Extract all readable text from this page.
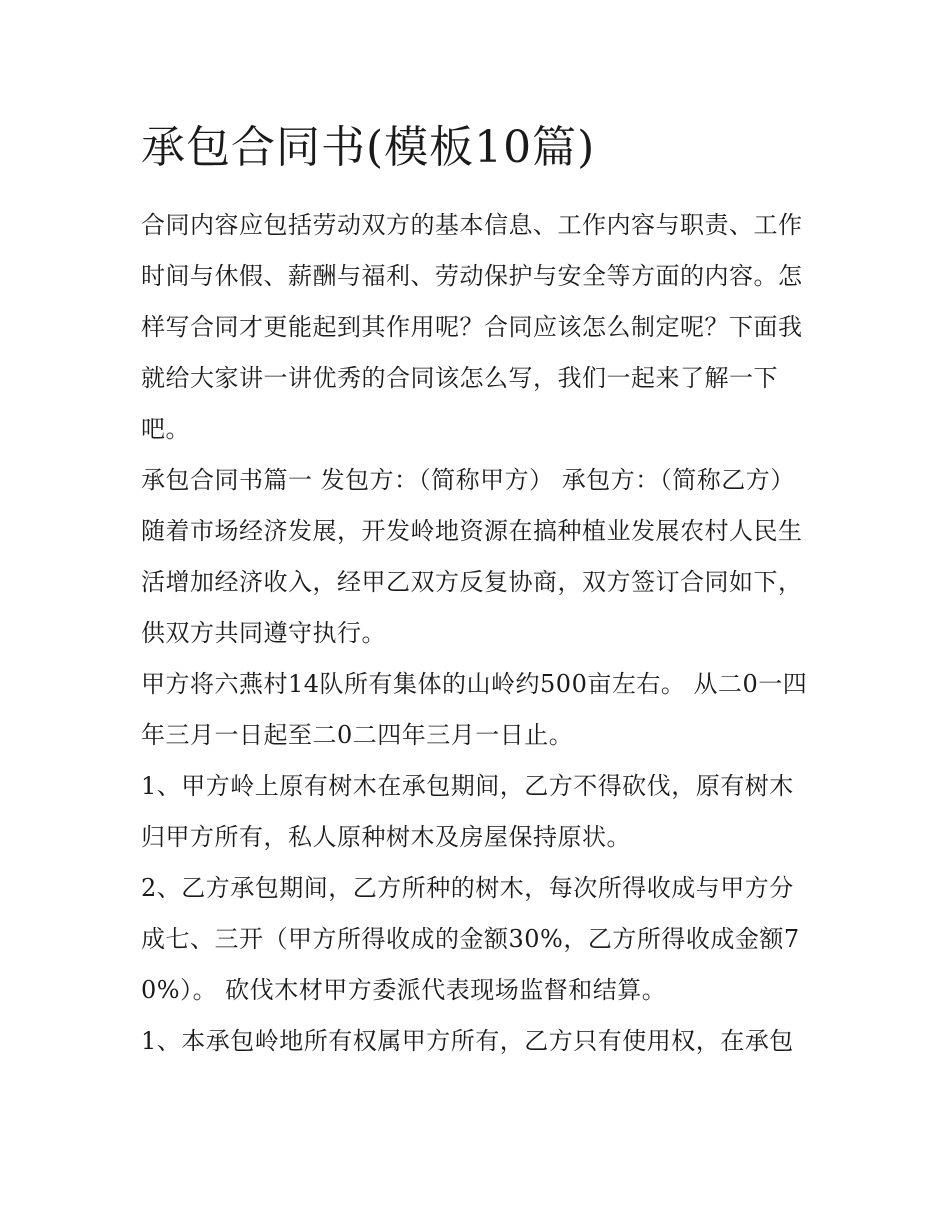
承包合同书(模板10篇)

合同内容应包括劳动双方的基本信息、工作内容与职责、工作时间与休假、薪酬与福利、劳动保护与安全等方面的内容。怎样写合同才更能起到其作用呢？合同应该怎么制定呢？下面我就给大家讲一讲优秀的合同该怎么写，我们一起来了解一下吧。

承包合同书篇一 发包方：（简称甲方） 承包方：（简称乙方）

随着市场经济发展，开发岭地资源在搞种植业发展农村人民生活增加经济收入，经甲乙双方反复协商，双方签订合同如下，供双方共同遵守执行。

甲方将六燕村14队所有集体的山岭约500亩左右。 从二0一四年三月一日起至二0二四年三月一日止。

1、甲方岭上原有树木在承包期间，乙方不得砍伐，原有树木归甲方所有，私人原种树木及房屋保持原状。

2、乙方承包期间，乙方所种的树木，每次所得收成与甲方分成七、三开（甲方所得收成的金额30%，乙方所得收成金额70%）。 砍伐木材甲方委派代表现场监督和结算。

1、本承包岭地所有权属甲方所有，乙方只有使用权，在承包
